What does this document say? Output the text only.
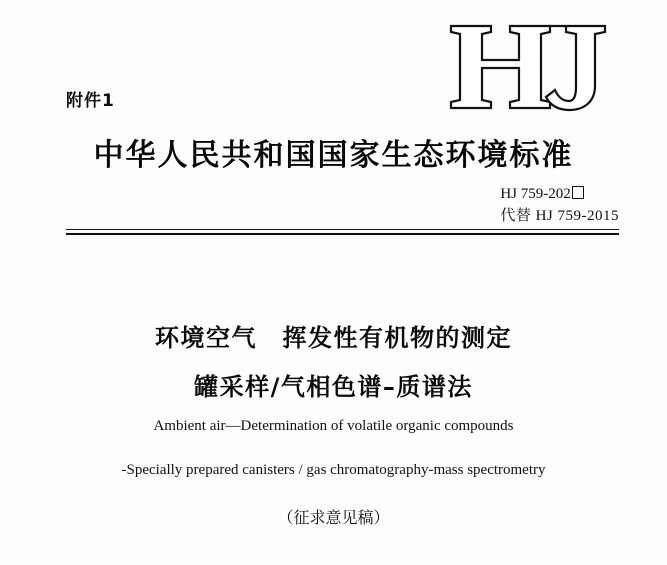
附件1
中华人民共和国国家生态环境标准
HJ 759-202
代替 HJ 759-2015
环境空气　挥发性有机物的测定
罐采样/气相色谱–质谱法
Ambient air—Determination of volatile organic compounds
-Specially prepared canisters / gas chromatography-mass spectrometry
（征求意见稿）
